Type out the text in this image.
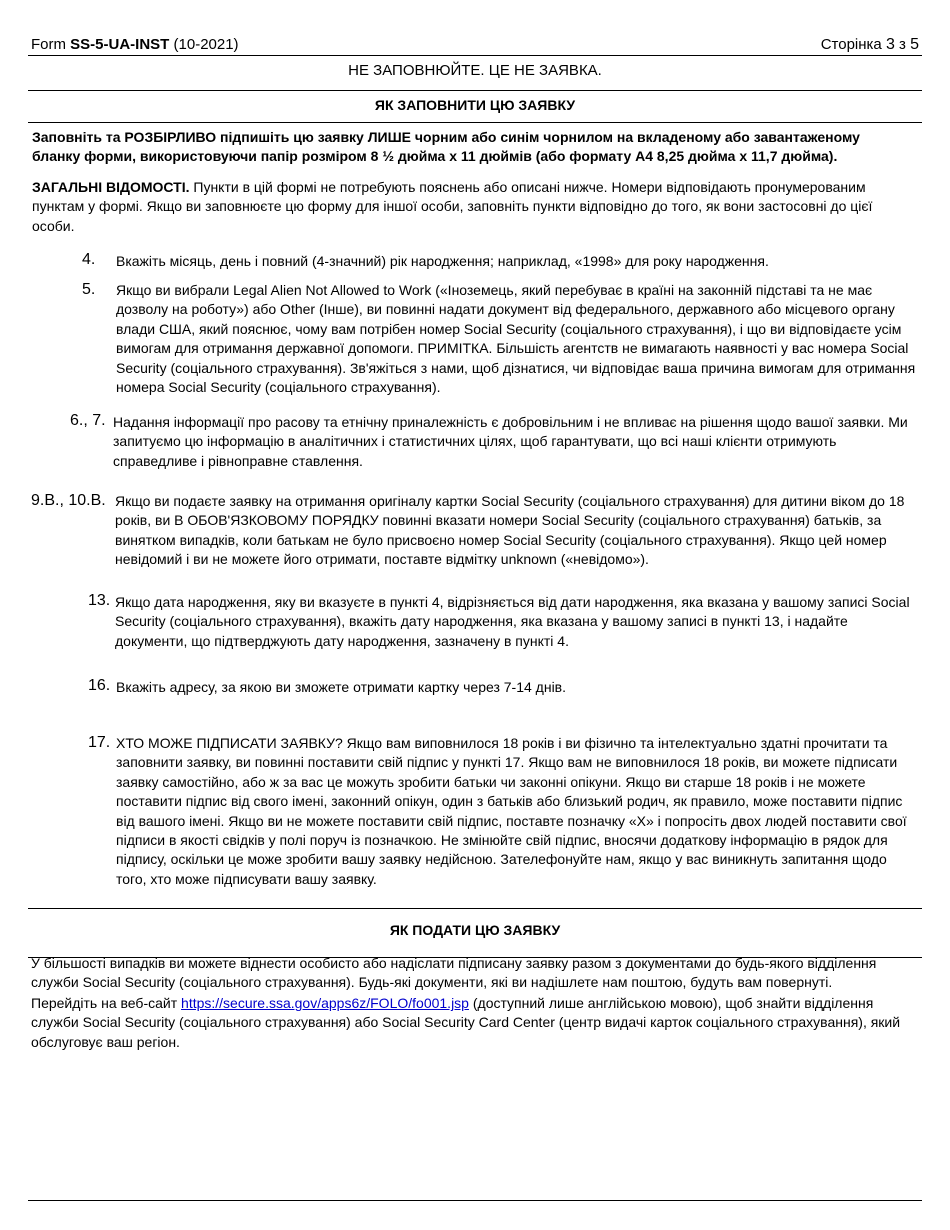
Form SS-5-UA-INST (10-2021)	Сторінка 3 з 5
НЕ ЗАПОВНЮЙТЕ. ЦЕ НЕ ЗАЯВКА.
ЯК ЗАПОВНИТИ ЦЮ ЗАЯВКУ
Заповніть та РОЗБІРЛИВО підпишіть цю заявку ЛИШЕ чорним або синім чорнилом на вкладеному або завантаженому бланку форми, використовуючи папір розміром 8 ½ дюйма х 11 дюймів (або формату A4 8,25 дюйма х 11,7 дюйма).
ЗАГАЛЬНІ ВІДОМОСТІ. Пункти в цій формі не потребують пояснень або описані нижче. Номери відповідають пронумерованим пунктам у формі. Якщо ви заповнюєте цю форму для іншої особи, заповніть пункти відповідно до того, як вони застосовні до цієї особи.
4. Вкажіть місяць, день і повний (4-значний) рік народження; наприклад, «1998» для року народження.
5. Якщо ви вибрали Legal Alien Not Allowed to Work («Іноземець, який перебуває в країні на законній підставі та не має дозволу на роботу») або Other (Інше), ви повинні надати документ від федерального, державного або місцевого органу влади США, який пояснює, чому вам потрібен номер Social Security (соціального страхування), і що ви відповідаєте усім вимогам для отримання державної допомоги. ПРИМІТКА. Більшість агентств не вимагають наявності у вас номера Social Security (соціального страхування). Зв'яжіться з нами, щоб дізнатися, чи відповідає ваша причина вимогам для отримання номера Social Security (соціального страхування).
6., 7. Надання інформації про расову та етнічну приналежність є добровільним і не впливає на рішення щодо вашої заявки. Ми запитуємо цю інформацію в аналітичних і статистичних цілях, щоб гарантувати, що всі наші клієнти отримують справедливе і рівноправне ставлення.
9.B., 10.B. Якщо ви подаєте заявку на отримання оригіналу картки Social Security (соціального страхування) для дитини віком до 18 років, ви В ОБОВ'ЯЗКОВОМУ ПОРЯДКУ повинні вказати номери Social Security (соціального страхування) батьків, за винятком випадків, коли батькам не було присвоєно номер Social Security (соціального страхування). Якщо цей номер невідомий і ви не можете його отримати, поставте відмітку unknown («невідомо»).
13. Якщо дата народження, яку ви вказуєте в пункті 4, відрізняється від дати народження, яка вказана у вашому записі Social Security (соціального страхування), вкажіть дату народження, яка вказана у вашому записі в пункті 13, і надайте документи, що підтверджують дату народження, зазначену в пункті 4.
16. Вкажіть адресу, за якою ви зможете отримати картку через 7-14 днів.
17. ХТО МОЖЕ ПІДПИСАТИ ЗАЯВКУ? Якщо вам виповнилося 18 років і ви фізично та інтелектуально здатні прочитати та заповнити заявку, ви повинні поставити свій підпис у пункті 17. Якщо вам не виповнилося 18 років, ви можете підписати заявку самостійно, або ж за вас це можуть зробити батьки чи законні опікуни. Якщо ви старше 18 років і не можете поставити підпис від свого імені, законний опікун, один з батьків або близький родич, як правило, може поставити підпис від вашого імені. Якщо ви не можете поставити свій підпис, поставте позначку «Х» і попросіть двох людей поставити свої підписи в якості свідків у полі поруч із позначкою. Не змінюйте свій підпис, вносячи додаткову інформацію в рядок для підпису, оскільки це може зробити вашу заявку недійсною. Зателефонуйте нам, якщо у вас виникнуть запитання щодо того, хто може підписувати вашу заявку.
ЯК ПОДАТИ ЦЮ ЗАЯВКУ
У більшості випадків ви можете віднести особисто або надіслати підписану заявку разом з документами до будь-якого відділення служби Social Security (соціального страхування). Будь-які документи, які ви надішлете нам поштою, будуть вам повернуті.
Перейдіть на веб-сайт https://secure.ssa.gov/apps6z/FOLO/fo001.jsp (доступний лише англійською мовою), щоб знайти відділення служби Social Security (соціального страхування) або Social Security Card Center (центр видачі карток соціального страхування), який обслуговує ваш регіон.
